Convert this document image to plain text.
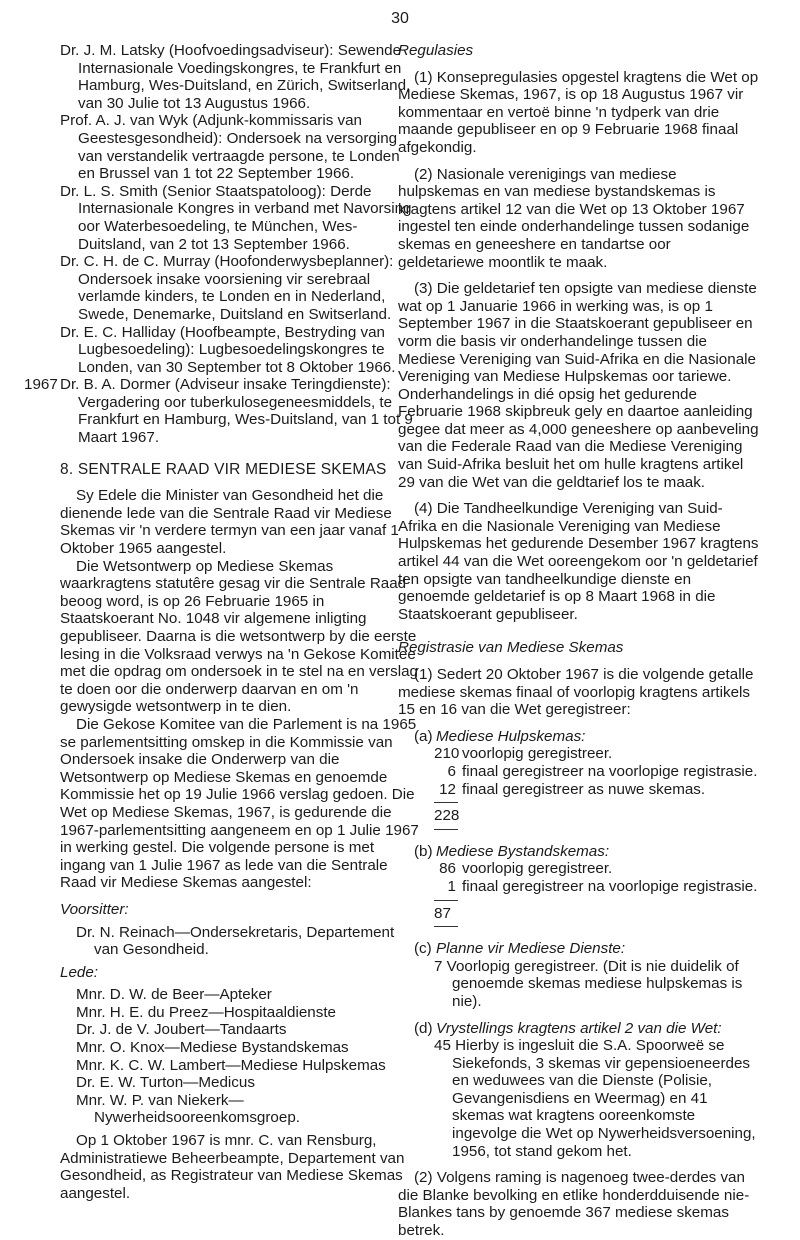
30

Dr. J. M. Latsky (Hoofvoedingsadviseur): Sewende Internasionale Voedingskongres, te Frankfurt en Hamburg, Wes-Duitsland, en Zürich, Switserland, van 30 Julie tot 13 Augustus 1966.

Prof. A. J. van Wyk (Adjunk-kommissaris van Geestesgesondheid): Ondersoek na versorging van verstandelik vertraagde persone, te Londen en Brussel van 1 tot 22 September 1966.

Dr. L. S. Smith (Senior Staatspatoloog): Derde Internasionale Kongres in verband met Navorsing oor Waterbesoedeling, te München, Wes-Duitsland, van 2 tot 13 September 1966.

Dr. C. H. de C. Murray (Hoofonderwysbeplanner): Ondersoek insake voorsiening vir serebraal verlamde kinders, te Londen en in Nederland, Swede, Denemarke, Duitsland en Switserland.

Dr. E. C. Halliday (Hoofbeampte, Bestryding van Lugbesoedeling): Lugbesoedelingskongres te Londen, van 30 September tot 8 Oktober 1966.

1967 Dr. B. A. Dormer (Adviseur insake Teringdienste): Vergadering oor tuberkulosegeneesmiddels, te Frankfurt en Hamburg, Wes-Duitsland, van 1 tot 9 Maart 1967.

8. SENTRALE RAAD VIR MEDIESE SKEMAS

Sy Edele die Minister van Gesondheid het die dienende lede van die Sentrale Raad vir Mediese Skemas vir 'n verdere termyn van een jaar vanaf 1 Oktober 1965 aangestel.

Die Wetsontwerp op Mediese Skemas waarkragtens statutêre gesag vir die Sentrale Raad beoog word, is op 26 Februarie 1965 in Staatskoerant No. 1048 vir algemene inligting gepubliseer. Daarna is die wetsontwerp by die eerste lesing in die Volksraad verwys na 'n Gekose Komitee met die opdrag om ondersoek in te stel na en verslag te doen oor die onderwerp daarvan en om 'n gewysigde wetsontwerp in te dien.

Die Gekose Komitee van die Parlement is na 1965 se parlementsitting omskep in die Kommissie van Ondersoek insake die Onderwerp van die Wetsontwerp op Mediese Skemas en genoemde Kommissie het op 19 Julie 1966 verslag gedoen. Die Wet op Mediese Skemas, 1967, is gedurende die 1967-parlementsitting aangeneem en op 1 Julie 1967 in werking gestel. Die volgende persone is met ingang van 1 Julie 1967 as lede van die Sentrale Raad vir Mediese Skemas aangestel:

Voorsitter:

Dr. N. Reinach—Ondersekretaris, Departement van Gesondheid.

Lede:

Mnr. D. W. de Beer—Apteker

Mnr. H. E. du Preez—Hospitaaldienste

Dr. J. de V. Joubert—Tandaarts

Mnr. O. Knox—Mediese Bystandskemas

Mnr. K. C. W. Lambert—Mediese Hulpskemas

Dr. E. W. Turton—Medicus

Mnr. W. P. van Niekerk—Nywerheidsooreenkomsgroep.

Op 1 Oktober 1967 is mnr. C. van Rensburg, Administratiewe Beheerbeampte, Departement van Gesondheid, as Registrateur van Mediese Skemas aangestel.

Regulasies

(1) Konsepregulasies opgestel kragtens die Wet op Mediese Skemas, 1967, is op 18 Augustus 1967 vir kommentaar en vertoë binne 'n tydperk van drie maande gepubliseer en op 9 Februarie 1968 finaal afgekondig.

(2) Nasionale verenigings van mediese hulpskemas en van mediese bystandskemas is kragtens artikel 12 van die Wet op 13 Oktober 1967 ingestel ten einde onderhandelinge tussen sodanige skemas en geneeshere en tandartse oor geldetariewe moontlik te maak.

(3) Die geldetarief ten opsigte van mediese dienste wat op 1 Januarie 1966 in werking was, is op 1 September 1967 in die Staatskoerant gepubliseer en vorm die basis vir onderhandelinge tussen die Mediese Vereniging van Suid-Afrika en die Nasionale Vereniging van Mediese Hulpskemas oor tariewe. Onderhandelings in dié opsig het gedurende Februarie 1968 skipbreuk gely en daartoe aanleiding gegee dat meer as 4,000 geneeshere op aanbeveling van die Federale Raad van die Mediese Vereniging van Suid-Afrika besluit het om hulle kragtens artikel 29 van die Wet van die geldtarief los te maak.

(4) Die Tandheelkundige Vereniging van Suid-Afrika en die Nasionale Vereniging van Mediese Hulpskemas het gedurende Desember 1967 kragtens artikel 44 van die Wet ooreengekom oor 'n geldetarief ten opsigte van tandheelkundige dienste en genoemde geldetarief is op 8 Maart 1968 in die Staatskoerant gepubliseer.

Registrasie van Mediese Skemas

(1) Sedert 20 Oktober 1967 is die volgende getalle mediese skemas finaal of voorlopig kragtens artikels 15 en 16 van die Wet geregistreer:

(a) Mediese Hulpskemas:
210 voorlopig geregistreer.
6 finaal geregistreer na voorlopige registrasie.
12 finaal geregistreer as nuwe skemas.
228
(b) Mediese Bystandskemas:
86 voorlopig geregistreer.
1 finaal geregistreer na voorlopige registrasie.
87
(c) Planne vir Mediese Dienste:

7 Voorlopig geregistreer. (Dit is nie duidelik of genoemde skemas mediese hulpskemas is nie).

(d) Vrystellings kragtens artikel 2 van die Wet:

45 Hierby is ingesluit die S.A. Spoorweë se Siekefonds, 3 skemas vir gepensioeneerdes en weduwees van die Dienste (Polisie, Gevangenisdiens en Weermag) en 41 skemas wat kragtens ooreenkomste ingevolge die Wet op Nywerheidsversoening, 1956, tot stand gekom het.

(2) Volgens raming is nagenoeg twee-derdes van die Blanke bevolking en etlike honderdduisende nie-Blankes tans by genoemde 367 mediese skemas betrek.
